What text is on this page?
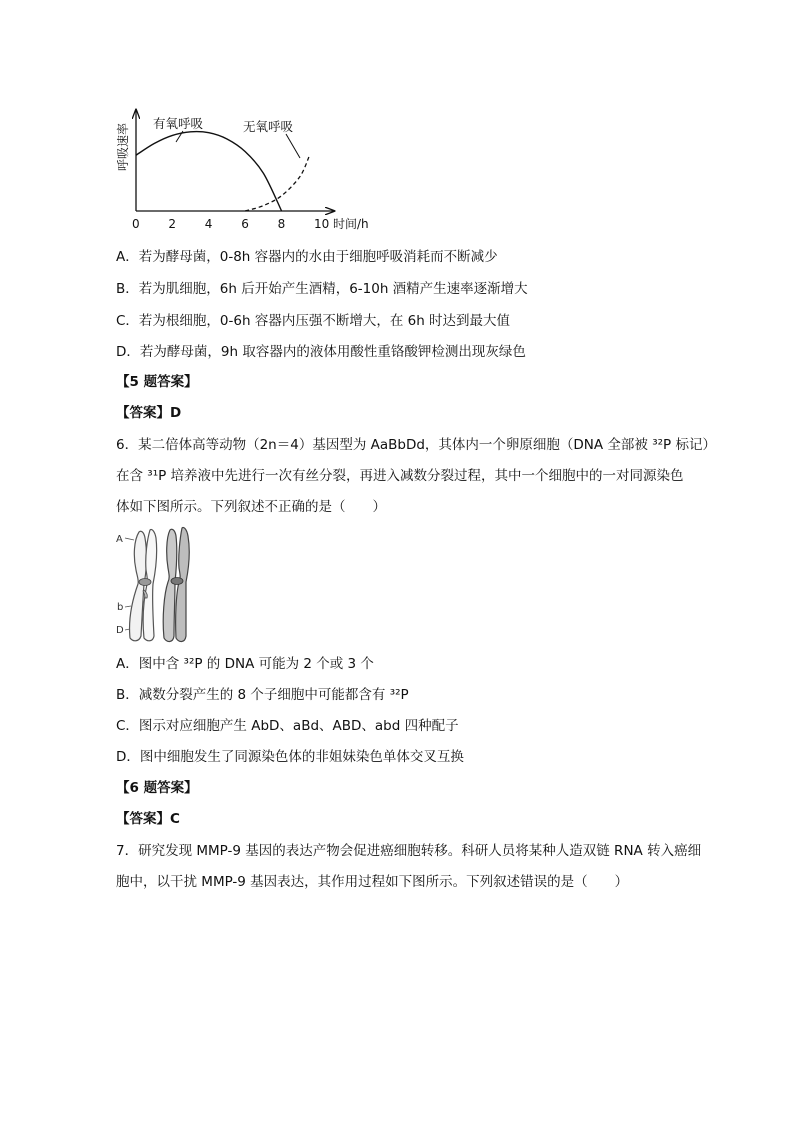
呼吸速率
时间/h
0 2 4 6 8 10
有氧呼吸	无氧呼吸
A．若为酵母菌，0-8h 容器内的水由于细胞呼吸消耗而不断减少
B．若为肌细胞，6h 后开始产生酒精，6-10h 酒精产生速率逐渐增大
C．若为根细胞，0-6h 容器内压强不断增大，在 6h 时达到最大值
D．若为酵母菌，9h 取容器内的液体用酸性重铬酸钾检测出现灰绿色
【5 题答案】
【答案】D
6．某二倍体高等动物（2n＝4）基因型为 AaBbDd，其体内一个卵原细胞（DNA 全部被 ³²P 标记）
在含 ³¹P 培养液中先进行一次有丝分裂，再进入减数分裂过程，其中一个细胞中的一对同源染色
体如下图所示。下列叙述不正确的是（　　）
A
b
D
A．图中含 ³²P 的 DNA 可能为 2 个或 3 个
B．减数分裂产生的 8 个子细胞中可能都含有 ³²P
C．图示对应细胞产生 AbD、aBd、ABD、abd 四种配子
D．图中细胞发生了同源染色体的非姐妹染色单体交叉互换
【6 题答案】
【答案】C
7．研究发现 MMP-9 基因的表达产物会促进癌细胞转移。科研人员将某种人造双链 RNA 转入癌细
胞中，以干扰 MMP-9 基因表达，其作用过程如下图所示。下列叙述错误的是（　　）
